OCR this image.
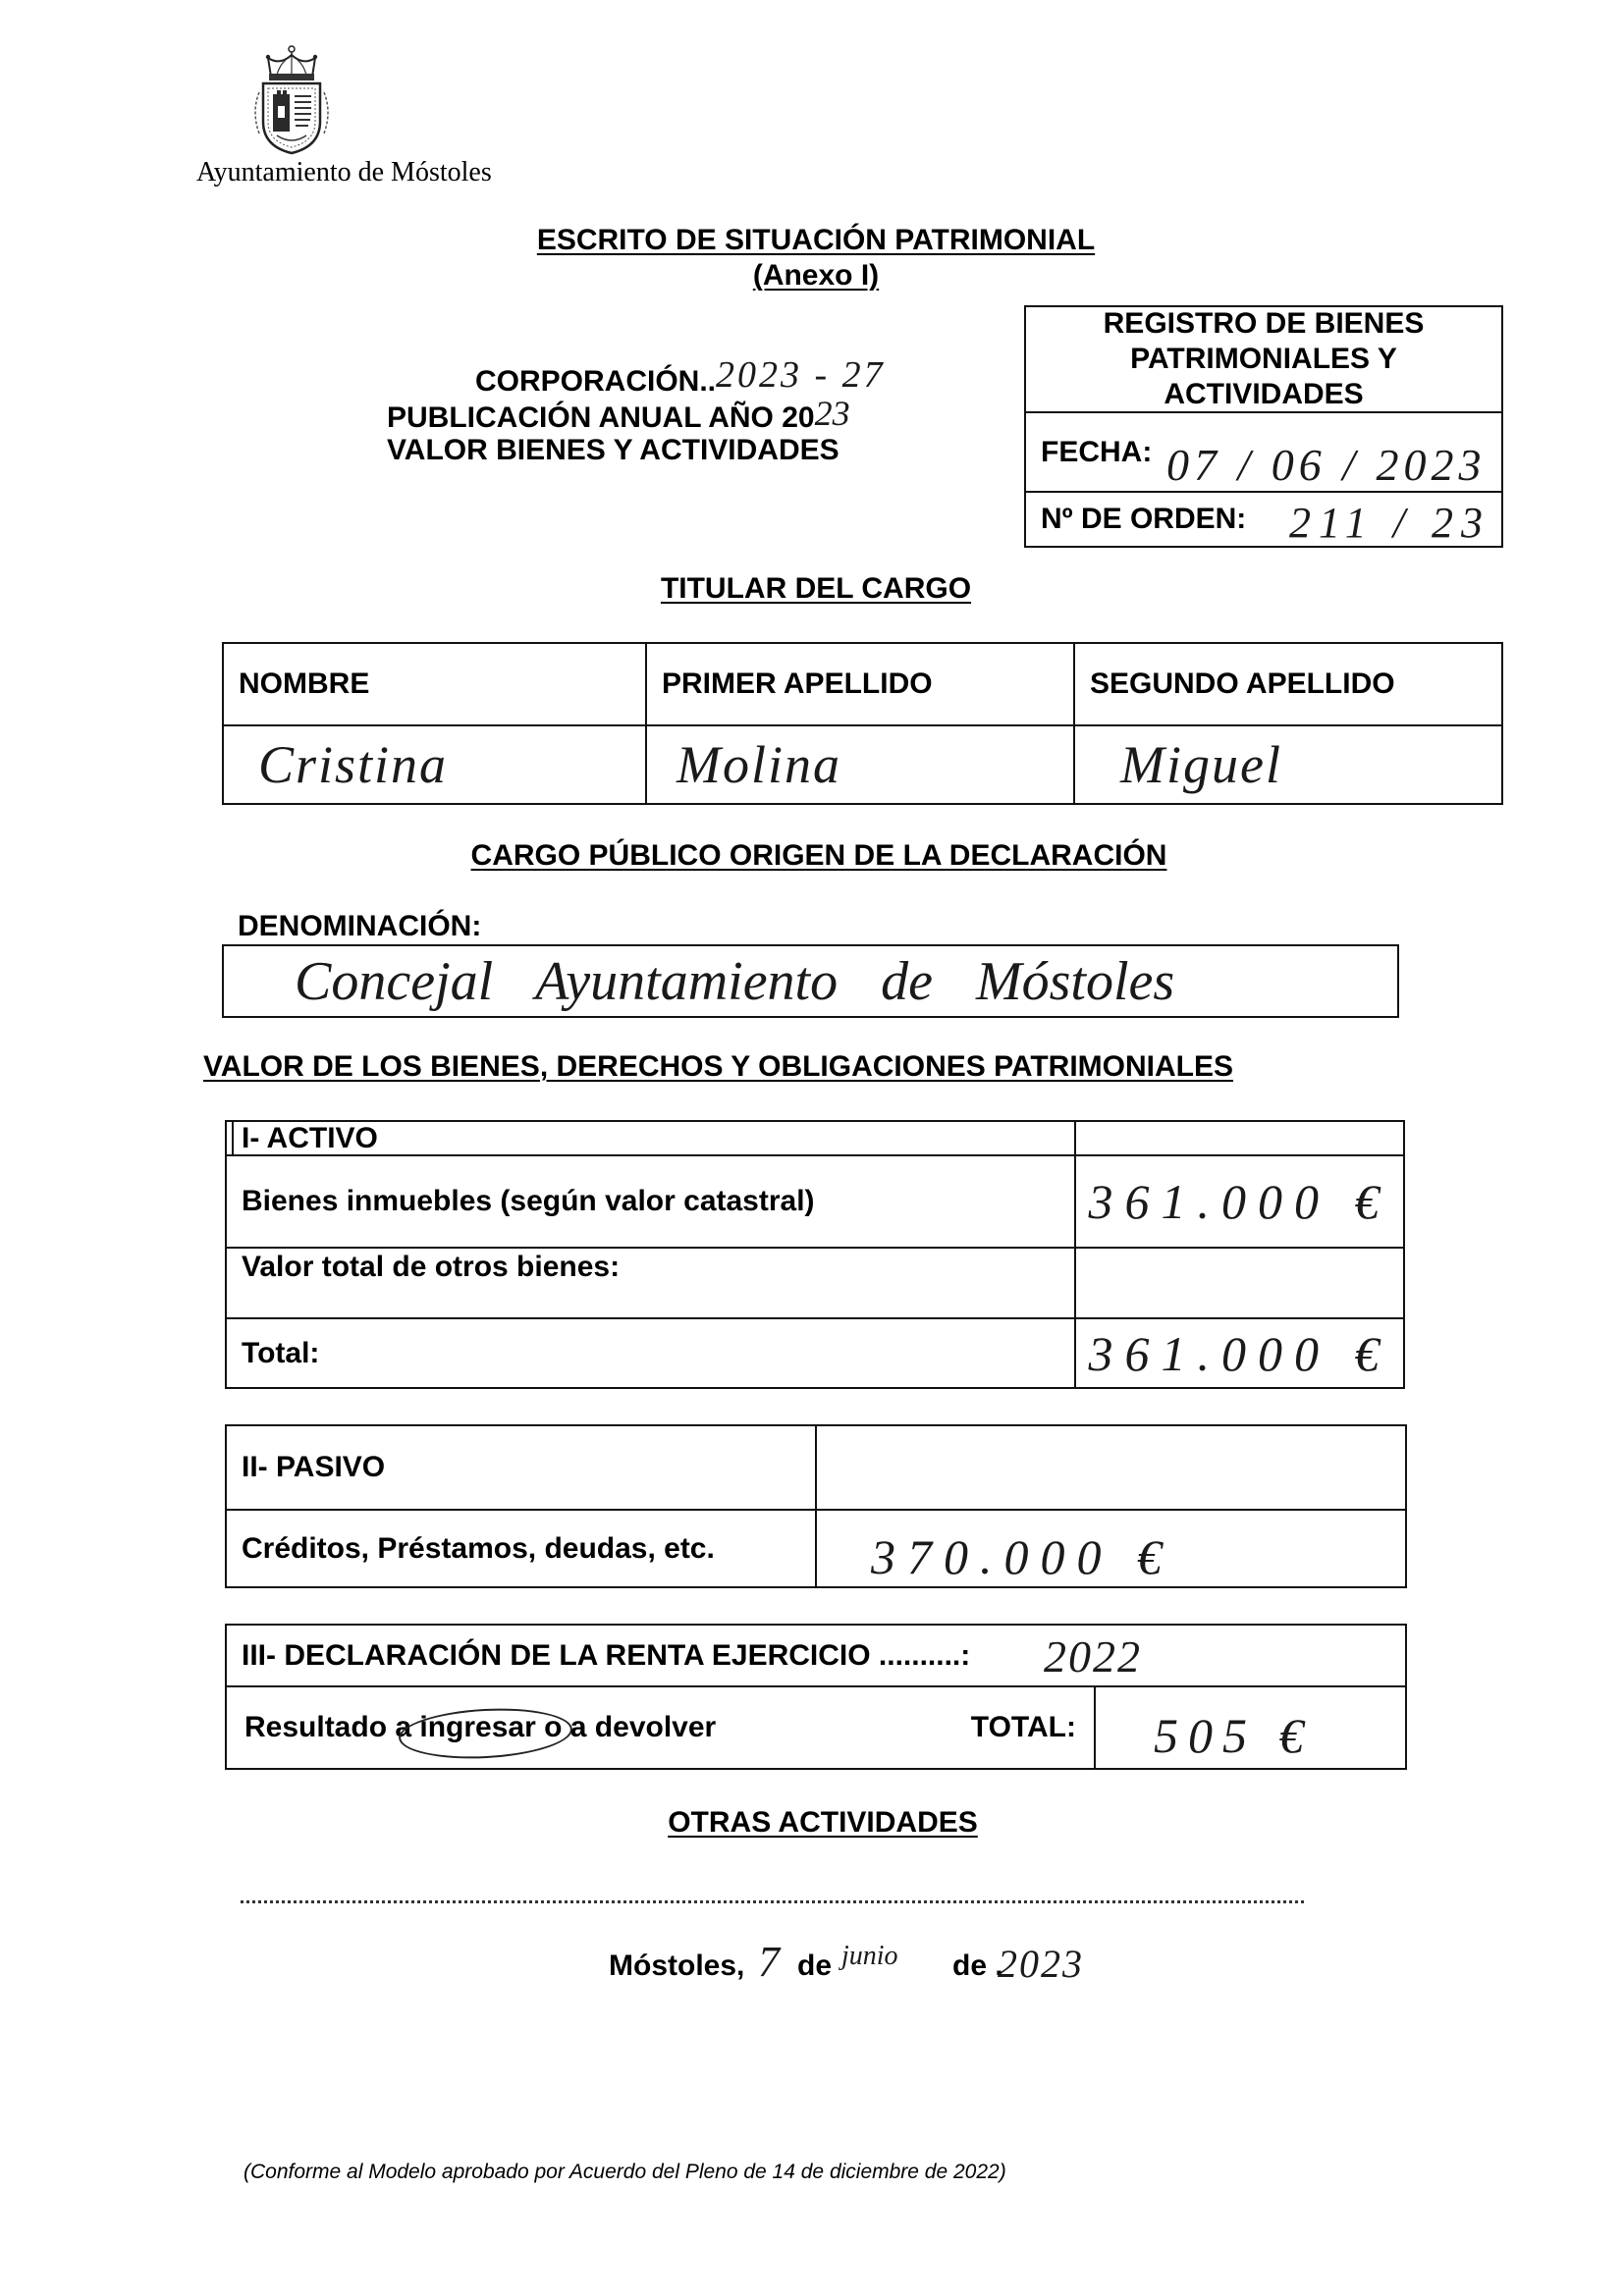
Ayuntamiento de Móstoles
ESCRITO DE SITUACIÓN PATRIMONIAL
(Anexo I)
CORPORACIÓN..2023 - 27
PUBLICACIÓN ANUAL AÑO 2023
VALOR BIENES Y ACTIVIDADES
REGISTRO DE BIENES
PATRIMONIALES Y
ACTIVIDADES
FECHA: 07 / 06 / 2023
Nº DE ORDEN: 211 / 23
TITULAR DEL CARGO
NOMBRE	PRIMER APELLIDO	SEGUNDO APELLIDO
Cristina	Molina	Miguel
CARGO PÚBLICO ORIGEN DE LA DECLARACIÓN
DENOMINACIÓN:
Concejal Ayuntamiento de Móstoles
VALOR DE LOS BIENES, DERECHOS Y OBLIGACIONES PATRIMONIALES
I- ACTIVO
Bienes inmuebles (según valor catastral)	361.000 €
Valor total de otros bienes:
Total:	361.000 €
II- PASIVO
Créditos, Préstamos, deudas, etc.	370.000 €
III- DECLARACIÓN DE LA RENTA EJERCICIO ..........: 2022
Resultado a ingresar o a devolver	TOTAL: 505 €
OTRAS ACTIVIDADES
Móstoles, 7 de junio de .
2023
(Conforme al Modelo aprobado por Acuerdo del Pleno de 14 de diciembre de 2022)
